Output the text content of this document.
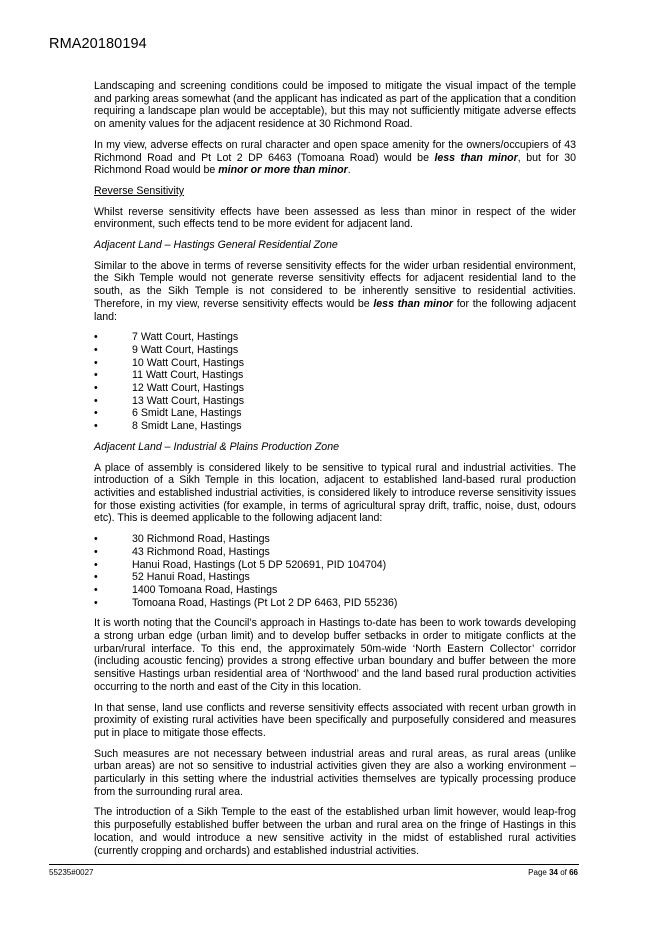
RMA20180194

Landscaping and screening conditions could be imposed to mitigate the visual impact of the temple and parking areas somewhat (and the applicant has indicated as part of the application that a condition requiring a landscape plan would be acceptable), but this may not sufficiently mitigate adverse effects on amenity values for the adjacent residence at 30 Richmond Road.

In my view, adverse effects on rural character and open space amenity for the owners/occupiers of 43 Richmond Road and Pt Lot 2 DP 6463 (Tomoana Road) would be less than minor, but for 30 Richmond Road would be minor or more than minor.

Reverse Sensitivity

Whilst reverse sensitivity effects have been assessed as less than minor in respect of the wider environment, such effects tend to be more evident for adjacent land.

Adjacent Land – Hastings General Residential Zone

Similar to the above in terms of reverse sensitivity effects for the wider urban residential environment, the Sikh Temple would not generate reverse sensitivity effects for adjacent residential land to the south, as the Sikh Temple is not considered to be inherently sensitive to residential activities. Therefore, in my view, reverse sensitivity effects would be less than minor for the following adjacent land:

• 7 Watt Court, Hastings
• 9 Watt Court, Hastings
• 10 Watt Court, Hastings
• 11 Watt Court, Hastings
• 12 Watt Court, Hastings
• 13 Watt Court, Hastings
• 6 Smidt Lane, Hastings
• 8 Smidt Lane, Hastings
Adjacent Land – Industrial & Plains Production Zone

A place of assembly is considered likely to be sensitive to typical rural and industrial activities. The introduction of a Sikh Temple in this location, adjacent to established land-based rural production activities and established industrial activities, is considered likely to introduce reverse sensitivity issues for those existing activities (for example, in terms of agricultural spray drift, traffic, noise, dust, odours etc). This is deemed applicable to the following adjacent land:

• 30 Richmond Road, Hastings
• 43 Richmond Road, Hastings
• Hanui Road, Hastings (Lot 5 DP 520691, PID 104704)
• 52 Hanui Road, Hastings
• 1400 Tomoana Road, Hastings
• Tomoana Road, Hastings (Pt Lot 2 DP 6463, PID 55236)

It is worth noting that the Council’s approach in Hastings to-date has been to work towards developing a strong urban edge (urban limit) and to develop buffer setbacks in order to mitigate conflicts at the urban/rural interface. To this end, the approximately 50m-wide ‘North Eastern Collector’ corridor (including acoustic fencing) provides a strong effective urban boundary and buffer between the more sensitive Hastings urban residential area of ‘Northwood’ and the land based rural production activities occurring to the north and east of the City in this location.

In that sense, land use conflicts and reverse sensitivity effects associated with recent urban growth in proximity of existing rural activities have been specifically and purposefully considered and measures put in place to mitigate those effects.

Such measures are not necessary between industrial areas and rural areas, as rural areas (unlike urban areas) are not so sensitive to industrial activities given they are also a working environment – particularly in this setting where the industrial activities themselves are typically processing produce from the surrounding rural area.

The introduction of a Sikh Temple to the east of the established urban limit however, would leap-frog this purposefully established buffer between the urban and rural area on the fringe of Hastings in this location, and would introduce a new sensitive activity in the midst of established rural activities (currently cropping and orchards) and established industrial activities.

55235#0027	Page 34 of 66
